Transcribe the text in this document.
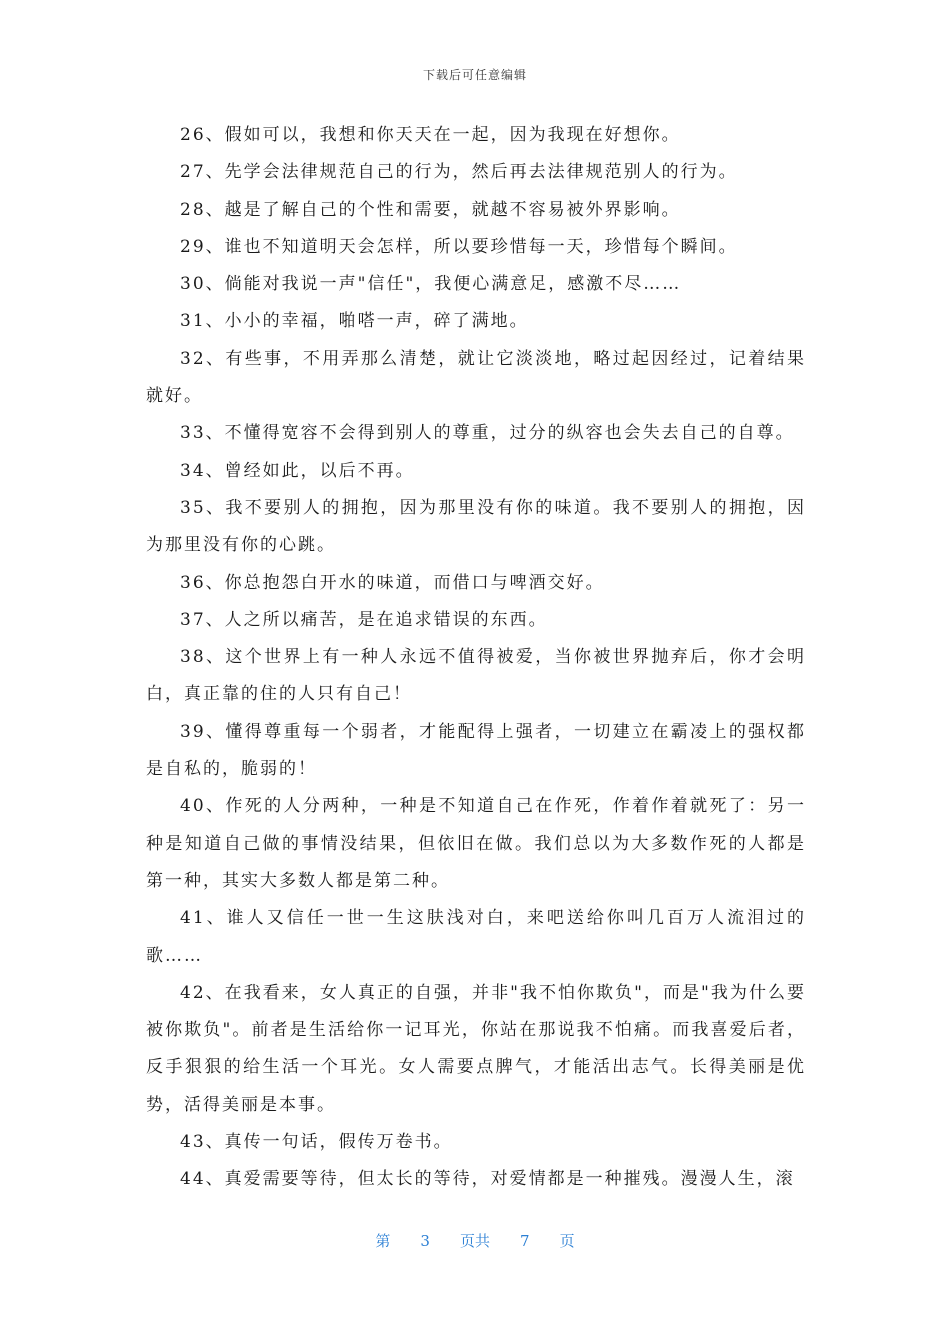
下载后可任意编辑

26、假如可以，我想和你天天在一起，因为我现在好想你。

27、先学会法律规范自己的行为，然后再去法律规范别人的行为。

28、越是了解自己的个性和需要，就越不容易被外界影响。

29、谁也不知道明天会怎样，所以要珍惜每一天，珍惜每个瞬间。

30、倘能对我说一声"信任"，我便心满意足，感激不尽……

31、小小的幸福，啪嗒一声，碎了满地。

32、有些事，不用弄那么清楚，就让它淡淡地，略过起因经过，记着结果就好。

33、不懂得宽容不会得到别人的尊重，过分的纵容也会失去自己的自尊。

34、曾经如此，以后不再。

35、我不要别人的拥抱，因为那里没有你的味道。我不要别人的拥抱，因为那里没有你的心跳。

36、你总抱怨白开水的味道，而借口与啤酒交好。

37、人之所以痛苦，是在追求错误的东西。

38、这个世界上有一种人永远不值得被爱，当你被世界抛弃后，你才会明白，真正靠的住的人只有自己！

39、懂得尊重每一个弱者，才能配得上强者，一切建立在霸凌上的强权都是自私的，脆弱的！

40、作死的人分两种，一种是不知道自己在作死，作着作着就死了：另一种是知道自己做的事情没结果，但依旧在做。我们总以为大多数作死的人都是第一种，其实大多数人都是第二种。

41、谁人又信任一世一生这肤浅对白，来吧送给你叫几百万人流泪过的歌……

42、在我看来，女人真正的自强，并非"我不怕你欺负"，而是"我为什么要被你欺负"。前者是生活给你一记耳光，你站在那说我不怕痛。而我喜爱后者，反手狠狠的给生活一个耳光。女人需要点脾气，才能活出志气。长得美丽是优势，活得美丽是本事。

43、真传一句话，假传万卷书。

44、真爱需要等待，但太长的等待，对爱情都是一种摧残。漫漫人生，滚

第 3 页共 7 页
